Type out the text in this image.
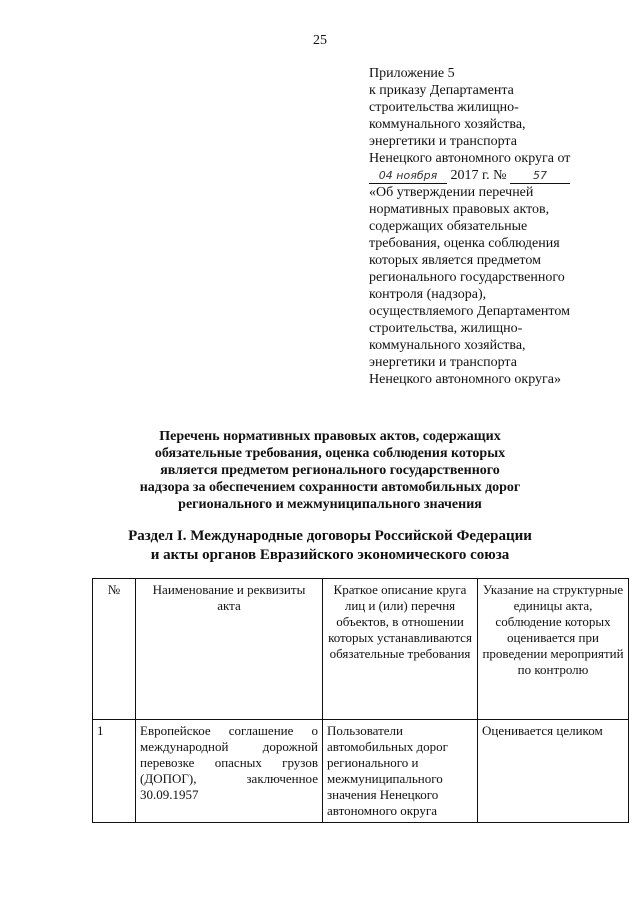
25
Приложение 5
к приказу Департамента
строительства жилищно-
коммунального хозяйства,
энергетики и транспорта
Ненецкого автономного округа от
04 ноября 2017 г. № 57
«Об утверждении перечней
нормативных правовых актов,
содержащих обязательные
требования, оценка соблюдения
которых является предметом
регионального государственного
контроля (надзора),
осуществляемого Департаментом
строительства, жилищно-
коммунального хозяйства,
энергетики и транспорта
Ненецкого автономного округа»
Перечень нормативных правовых актов, содержащих
обязательные требования, оценка соблюдения которых
является предметом регионального государственного
надзора за обеспечением сохранности автомобильных дорог
регионального и межмуниципального значения
Раздел I. Международные договоры Российской Федерации
и акты органов Евразийского экономического союза
№	Наименование и реквизиты акта	Краткое описание круга лиц и (или) перечня объектов, в отношении которых устанавливаются обязательные требования	Указание на структурные единицы акта, соблюдение которых оценивается при проведении мероприятий по контролю
1	Европейское соглашение о международной дорожной перевозке опасных грузов (ДОПОГ), заключенное 30.09.1957	Пользователи автомобильных дорог регионального и межмуниципального значения Ненецкого автономного округа	Оценивается целиком
